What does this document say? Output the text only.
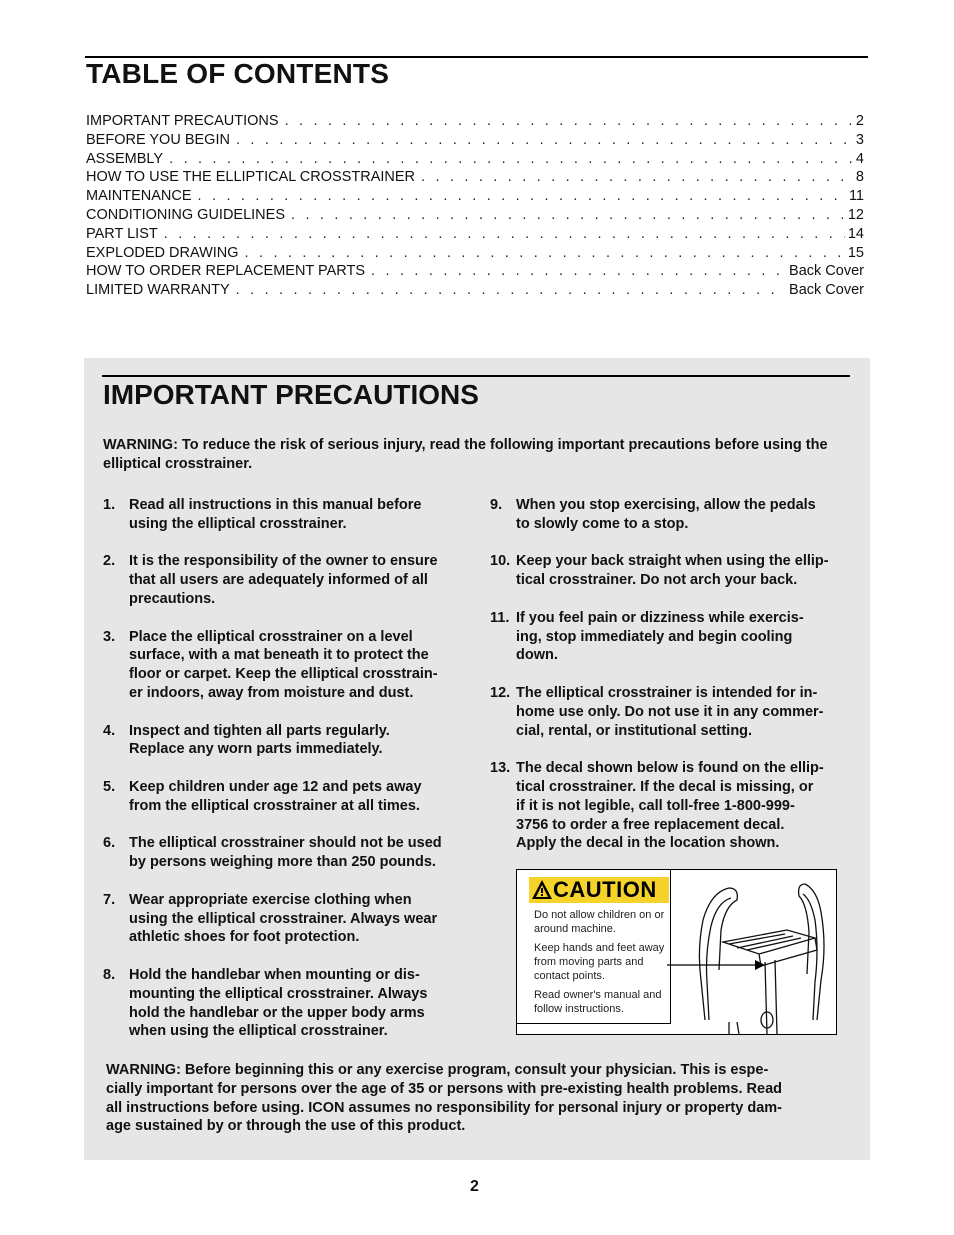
TABLE OF CONTENTS
IMPORTANT PRECAUTIONS . . .	2
BEFORE YOU BEGIN . . .	3
ASSEMBLY . . .	4
HOW TO USE THE ELLIPTICAL CROSSTRAINER . . .	8
MAINTENANCE . . .	11
CONDITIONING GUIDELINES . . .	12
PART LIST . . .	14
EXPLODED DRAWING . . .	15
HOW TO ORDER REPLACEMENT PARTS . . .	Back Cover
LIMITED WARRANTY . . .	Back Cover
IMPORTANT PRECAUTIONS

WARNING: To reduce the risk of serious injury, read the following important precautions before using the elliptical crosstrainer.

1. Read all instructions in this manual before
using the elliptical crosstrainer.
2. It is the responsibility of the owner to ensure
that all users are adequately informed of all
precautions.
3. Place the elliptical crosstrainer on a level
surface, with a mat beneath it to protect the
floor or carpet. Keep the elliptical crosstrain-
er indoors, away from moisture and dust.
4. Inspect and tighten all parts regularly.
Replace any worn parts immediately.
5. Keep children under age 12 and pets away
from the elliptical crosstrainer at all times.
6. The elliptical crosstrainer should not be used
by persons weighing more than 250 pounds.
7. Wear appropriate exercise clothing when
using the elliptical crosstrainer. Always wear
athletic shoes for foot protection.
8. Hold the handlebar when mounting or dis-
mounting the elliptical crosstrainer. Always
hold the handlebar or the upper body arms
when using the elliptical crosstrainer.
9. When you stop exercising, allow the pedals
to slowly come to a stop.
10. Keep your back straight when using the ellip-
tical crosstrainer. Do not arch your back.
11. If you feel pain or dizziness while exercis-
ing, stop immediately and begin cooling
down.
12. The elliptical crosstrainer is intended for in-
home use only. Do not use it in any commer-
cial, rental, or institutional setting.
13. The decal shown below is found on the ellip-
tical crosstrainer. If the decal is missing, or
if it is not legible, call toll-free 1-800-999-
3756 to order a free replacement decal.
Apply the decal in the location shown.
CAUTION

Do not allow children on or
around machine.

Keep hands and feet away
from moving parts and
contact points.

Read owner's manual and
follow instructions.

WARNING: Before beginning this or any exercise program, consult your physician. This is espe-
cially important for persons over the age of 35 or persons with pre-existing health problems. Read
all instructions before using. ICON assumes no responsibility for personal injury or property dam-
age sustained by or through the use of this product.

2
